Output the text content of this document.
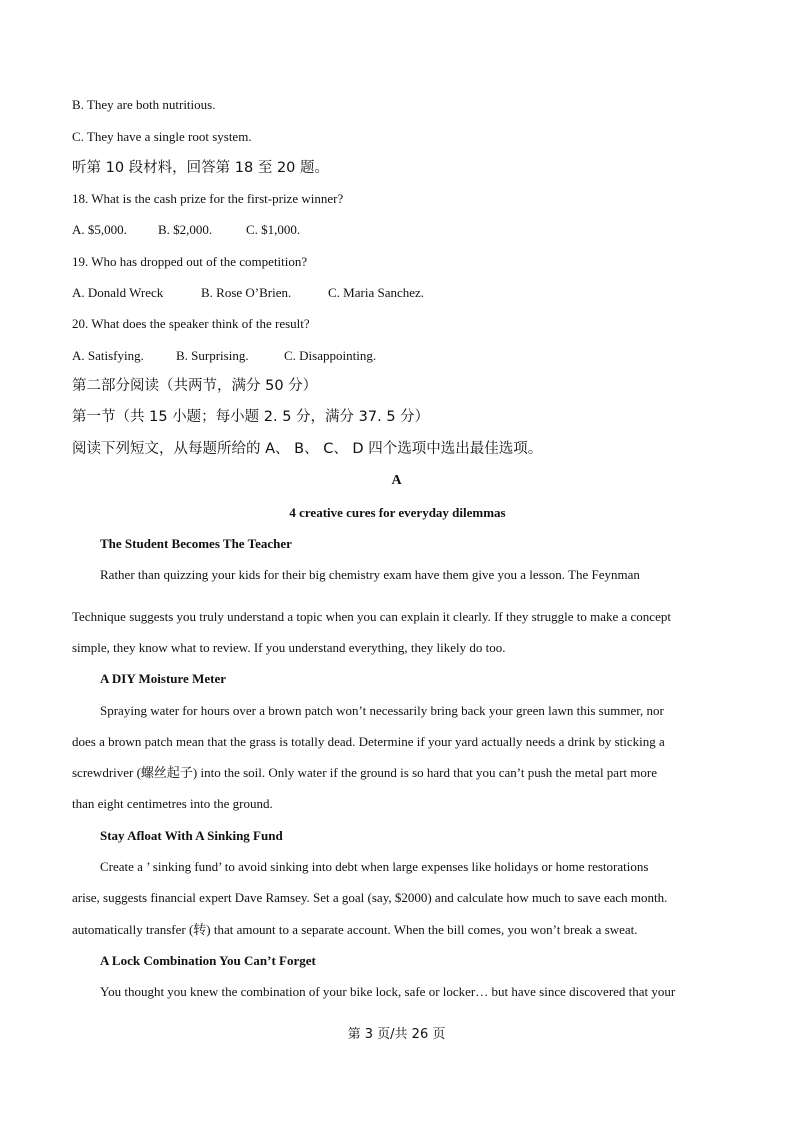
B. They are both nutritious.
C. They have a single root system.
听第 10 段材料，回答第 18 至 20 题。
18. What is the cash prize for the first-prize winner?
A. $5,000. B. $2,000.	C. $1,000.
19. Who has dropped out of the competition?
A. Donald Wreck	B. Rose O’Brien.	C. Maria Sanchez.
20. What does the speaker think of the result?
A. Satisfying. B. Surprising.	C. Disappointing.
第二部分阅读（共两节，满分 50 分）
第一节（共 15 小题；每小题 2. 5 分，满分 37. 5 分）
阅读下列短文，从每题所给的 A、 B、 C、 D 四个选项中选出最佳选项。
A
4 creative cures for everyday dilemmas
The Student Becomes The Teacher
Rather than quizzing your kids for their big chemistry exam have them give you a lesson. The Feynman
Technique suggests you truly understand a topic when you can explain it clearly. If they struggle to make a concept
simple, they know what to review. If you understand everything, they likely do too.
A DIY Moisture Meter
Spraying water for hours over a brown patch won’t necessarily bring back your green lawn this summer, nor
does a brown patch mean that the grass is totally dead. Determine if your yard actually needs a drink by sticking a
screwdriver (螺丝起子) into the soil. Only water if the ground is so hard that you can’t push the metal part more
than eight centimetres into the ground.
Stay Afloat With A Sinking Fund
Create a ’ sinking fund’ to avoid sinking into debt when large expenses like holidays or home restorations
arise, suggests financial expert Dave Ramsey. Set a goal (say, $2000) and calculate how much to save each month.
automatically transfer (转) that amount to a separate account. When the bill comes, you won’t break a sweat.
A Lock Combination You Can’t Forget
You thought you knew the combination of your bike lock, safe or locker… but have since discovered that your
第 3 页/共 26 页
